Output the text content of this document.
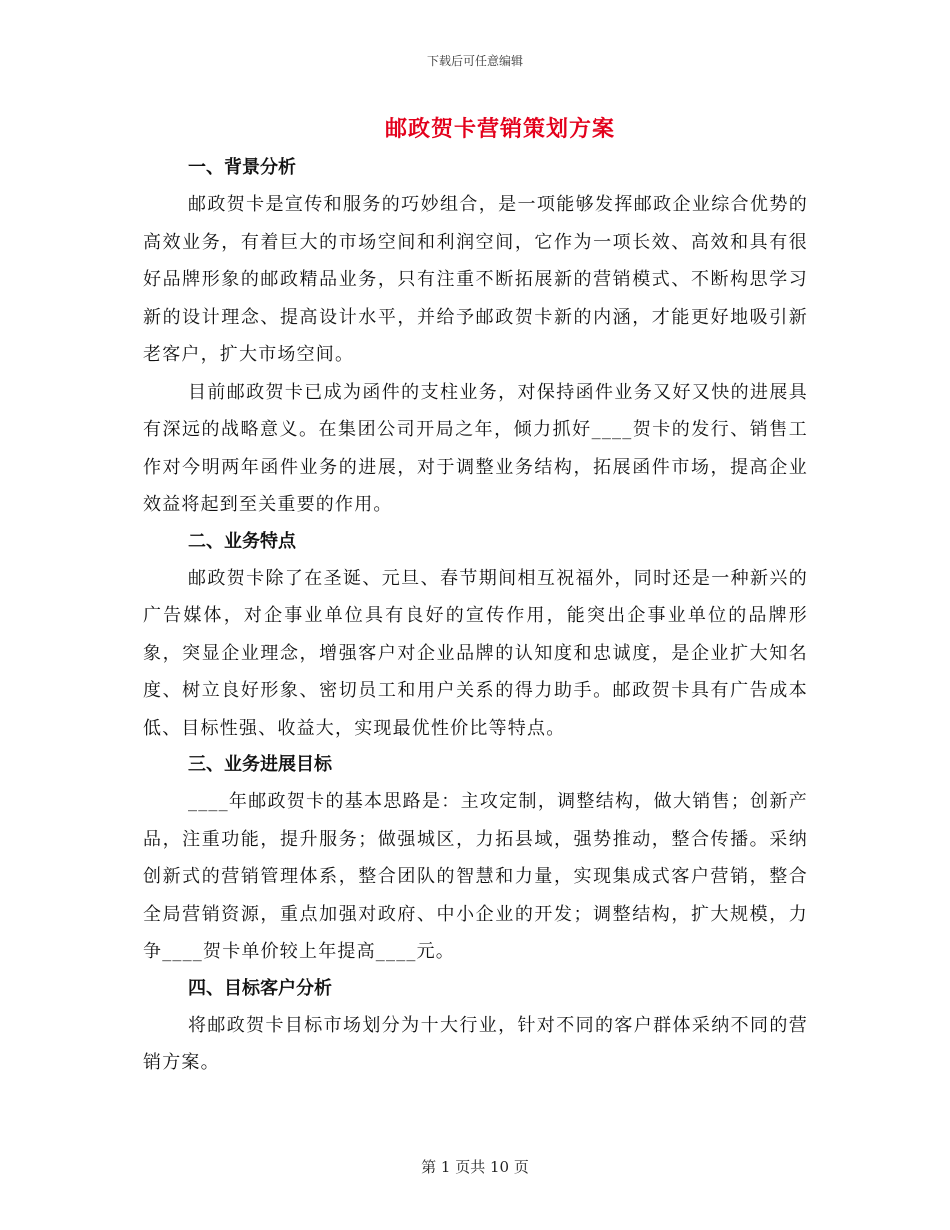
下载后可任意编辑
邮政贺卡营销策划方案
一、背景分析

邮政贺卡是宣传和服务的巧妙组合，是一项能够发挥邮政企业综合优势的高效业务，有着巨大的市场空间和利润空间，它作为一项长效、高效和具有很好品牌形象的邮政精品业务，只有注重不断拓展新的营销模式、不断构思学习新的设计理念、提高设计水平，并给予邮政贺卡新的内涵，才能更好地吸引新老客户，扩大市场空间。

目前邮政贺卡已成为函件的支柱业务，对保持函件业务又好又快的进展具有深远的战略意义。在集团公司开局之年，倾力抓好____贺卡的发行、销售工作对今明两年函件业务的进展，对于调整业务结构，拓展函件市场，提高企业效益将起到至关重要的作用。

二、业务特点

邮政贺卡除了在圣诞、元旦、春节期间相互祝福外，同时还是一种新兴的广告媒体，对企事业单位具有良好的宣传作用，能突出企事业单位的品牌形象，突显企业理念，增强客户对企业品牌的认知度和忠诚度，是企业扩大知名度、树立良好形象、密切员工和用户关系的得力助手。邮政贺卡具有广告成本低、目标性强、收益大，实现最优性价比等特点。

三、业务进展目标

____年邮政贺卡的基本思路是：主攻定制，调整结构，做大销售；创新产品，注重功能，提升服务；做强城区，力拓县域，强势推动，整合传播。采纳创新式的营销管理体系，整合团队的智慧和力量，实现集成式客户营销，整合全局营销资源，重点加强对政府、中小企业的开发；调整结构，扩大规模，力争____贺卡单价较上年提高____元。

四、目标客户分析

将邮政贺卡目标市场划分为十大行业，针对不同的客户群体采纳不同的营销方案。

第 1 页共 10 页
